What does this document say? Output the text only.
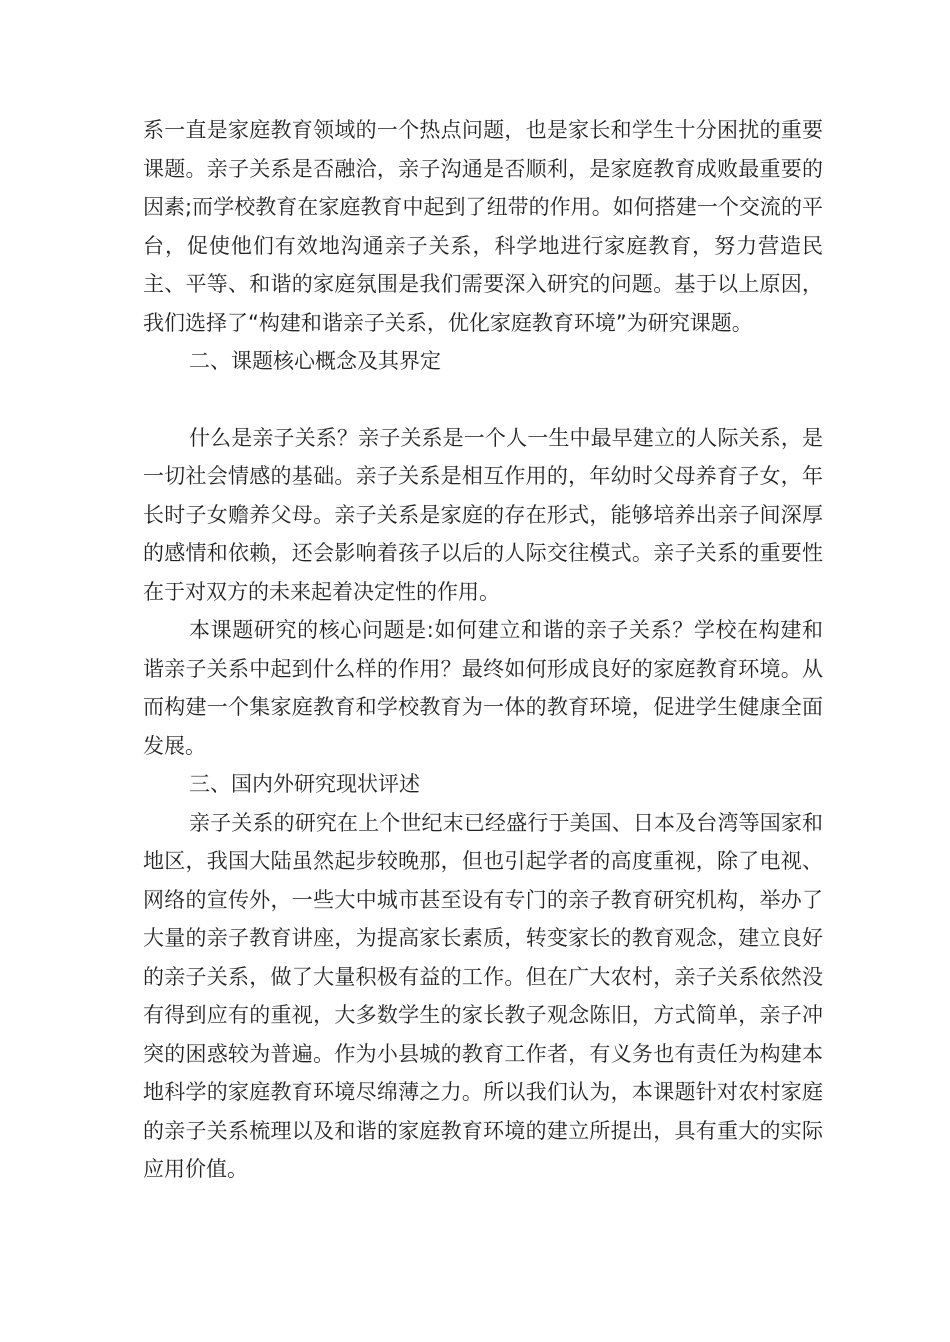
系一直是家庭教育领域的一个热点问题，也是家长和学生十分困扰的重要课题。亲子关系是否融洽，亲子沟通是否顺利，是家庭教育成败最重要的因素;而学校教育在家庭教育中起到了纽带的作用。如何搭建一个交流的平台，促使他们有效地沟通亲子关系，科学地进行家庭教育，努力营造民主、平等、和谐的家庭氛围是我们需要深入研究的问题。基于以上原因，我们选择了“构建和谐亲子关系，优化家庭教育环境”为研究课题。

二、课题核心概念及其界定

什么是亲子关系？亲子关系是一个人一生中最早建立的人际关系，是一切社会情感的基础。亲子关系是相互作用的，年幼时父母养育子女，年长时子女赡养父母。亲子关系是家庭的存在形式，能够培养出亲子间深厚的感情和依赖，还会影响着孩子以后的人际交往模式。亲子关系的重要性在于对双方的未来起着决定性的作用。

本课题研究的核心问题是:如何建立和谐的亲子关系？学校在构建和谐亲子关系中起到什么样的作用？最终如何形成良好的家庭教育环境。从而构建一个集家庭教育和学校教育为一体的教育环境，促进学生健康全面发展。

三、国内外研究现状评述

亲子关系的研究在上个世纪末已经盛行于美国、日本及台湾等国家和地区，我国大陆虽然起步较晚那，但也引起学者的高度重视，除了电视、网络的宣传外，一些大中城市甚至设有专门的亲子教育研究机构，举办了大量的亲子教育讲座，为提高家长素质，转变家长的教育观念，建立良好的亲子关系，做了大量积极有益的工作。但在广大农村，亲子关系依然没有得到应有的重视，大多数学生的家长教子观念陈旧，方式简单，亲子冲突的困惑较为普遍。作为小县城的教育工作者，有义务也有责任为构建本地科学的家庭教育环境尽绵薄之力。所以我们认为，本课题针对农村家庭的亲子关系梳理以及和谐的家庭教育环境的建立所提出，具有重大的实际应用价值。
